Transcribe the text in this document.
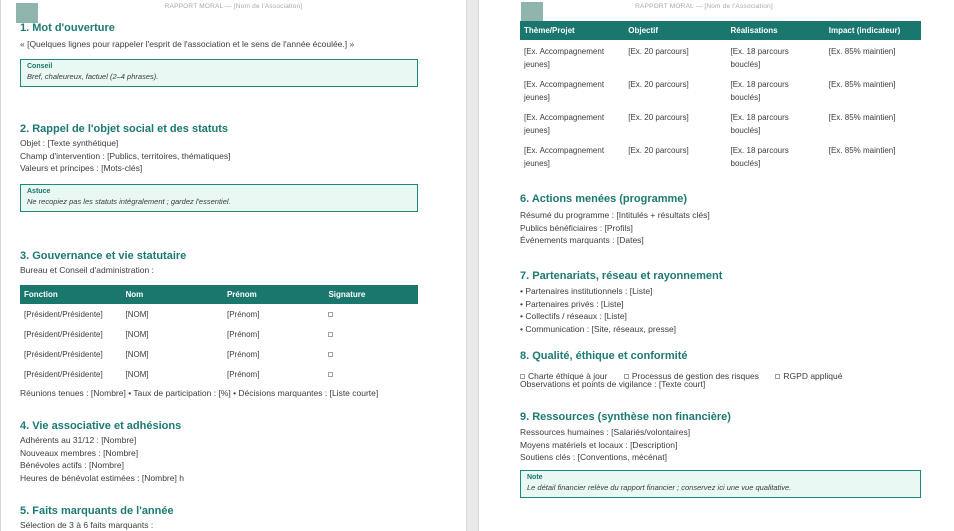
RAPPORT MORAL — [Nom de l'Association]
1. Mot d'ouverture
« [Quelques lignes pour rappeler l'esprit de l'association et le sens de l'année écoulée.] »
Conseil
Bref, chaleureux, factuel (2–4 phrases).
2. Rappel de l'objet social et des statuts
Objet : [Texte synthétique]
Champ d'intervention : [Publics, territoires, thématiques]
Valeurs et principes : [Mots-clés]
Astuce
Ne recopiez pas les statuts intégralement ; gardez l'essentiel.
3. Gouvernance et vie statutaire
Bureau et Conseil d'administration :
Fonction	Nom	Prénom	Signature
[Président/Présidente]	[NOM]	[Prénom]	
[Président/Présidente]	[NOM]	[Prénom]	
[Président/Présidente]	[NOM]	[Prénom]	
[Président/Présidente]	[NOM]	[Prénom]	
Réunions tenues : [Nombre] • Taux de participation : [%] • Décisions marquantes : [Liste courte]
4. Vie associative et adhésions
Adhérents au 31/12 : [Nombre]
Nouveaux membres : [Nombre]
Bénévoles actifs : [Nombre]
Heures de bénévolat estimées : [Nombre] h
5. Faits marquants de l'année
Sélection de 3 à 6 faits marquants :
RAPPORT MORAL — [Nom de l'Association]
Thème/Projet	Objectif	Réalisations	Impact (indicateur)
[Ex. Accompagnement jeunes]	[Ex. 20 parcours]	[Ex. 18 parcours bouclés]	[Ex. 85% maintien]
[Ex. Accompagnement jeunes]	[Ex. 20 parcours]	[Ex. 18 parcours bouclés]	[Ex. 85% maintien]
[Ex. Accompagnement jeunes]	[Ex. 20 parcours]	[Ex. 18 parcours bouclés]	[Ex. 85% maintien]
[Ex. Accompagnement jeunes]	[Ex. 20 parcours]	[Ex. 18 parcours bouclés]	[Ex. 85% maintien]
6. Actions menées (programme)
Résumé du programme : [Intitulés + résultats clés]
Publics bénéficiaires : [Profils]
Événements marquants : [Dates]
7. Partenariats, réseau et rayonnement
• Partenaires institutionnels : [Liste]
• Partenaires privés : [Liste]
• Collectifs / réseaux : [Liste]
• Communication : [Site, réseaux, presse]
8. Qualité, éthique et conformité
Charte éthique à jour	Processus de gestion des risques	RGPD appliqué
Observations et points de vigilance : [Texte court]
9. Ressources (synthèse non financière)
Ressources humaines : [Salariés/volontaires]
Moyens matériels et locaux : [Description]
Soutiens clés : [Conventions, mécénat]
Note
Le détail financier relève du rapport financier ; conservez ici une vue qualitative.
